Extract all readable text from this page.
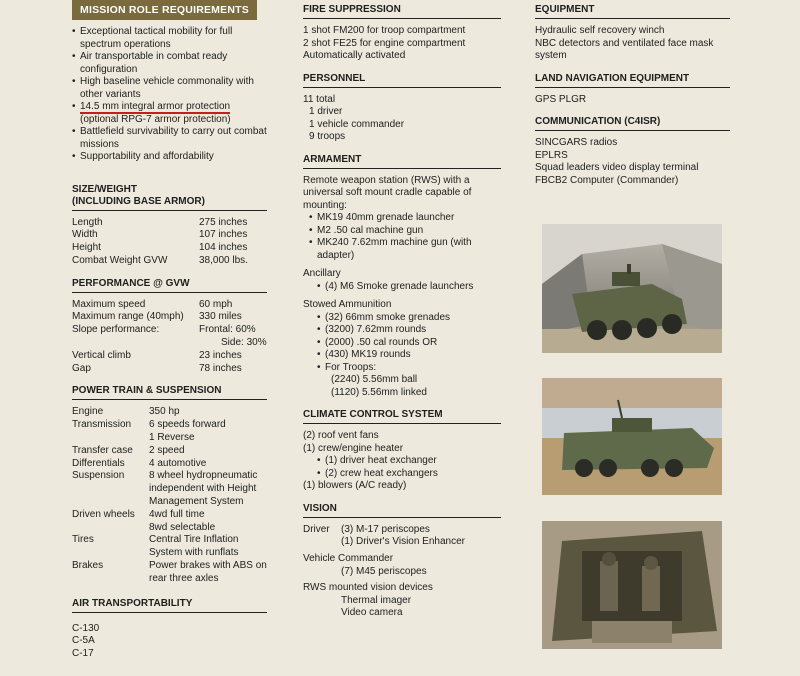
MISSION ROLE REQUIREMENTS
• Exceptional tactical mobility for full spectrum operations
• Air transportable in combat ready configuration
• High baseline vehicle commonality with other variants
• 14.5 mm integral armor protection (optional RPG-7 armor protection)
• Battlefield survivability to carry out combat missions
• Supportability and affordability
SIZE/WEIGHT
(INCLUDING BASE ARMOR)
Length	275 inches
Width	107 inches
Height	104 inches
Combat Weight GVW	38,000 lbs.
PERFORMANCE @ GVW
Maximum speed	60 mph
Maximum range (40mph)	330 miles
Slope performance:	Frontal: 60%
	Side: 30%
Vertical climb	23 inches
Gap	78 inches
POWER TRAIN & SUSPENSION
Engine	350 hp
Transmission	6 speeds forward
	1 Reverse
Transfer case	2 speed
Differentials	4 automotive
Suspension	8 wheel hydropneumatic independent with Height Management System
Driven wheels	4wd full time
	8wd selectable
Tires	Central Tire Inflation System with runflats
Brakes	Power brakes with ABS on rear three axles
AIR TRANSPORTABILITY

C-130

C-5A

C-17

FIRE SUPPRESSION

1 shot FM200 for troop compartment

2 shot FE25 for engine compartment

Automatically activated

PERSONNEL

11 total

1 driver

1 vehicle commander

9 troops

ARMAMENT

Remote weapon station (RWS) with a universal soft mount cradle capable of mounting:

• MK19 40mm grenade launcher
• M2 .50 cal machine gun
• MK240 7.62mm machine gun (with adapter)

Ancillary

• (4) M6 Smoke grenade launchers

Stowed Ammunition

• (32) 66mm smoke grenades
• (3200) 7.62mm rounds
• (2000) .50 cal rounds OR
• (430) MK19 rounds
• For Troops:

(2240) 5.56mm ball

(1120) 5.56mm linked

CLIMATE CONTROL SYSTEM

(2) roof vent fans

(1) crew/engine heater

• (1) driver heat exchanger
• (2) crew heat exchangers

(1) blowers (A/C ready)

VISION
Driver	(3) M-17 periscopes
	(1) Driver's Vision Enhancer

Vehicle Commander

(7) M45 periscopes

RWS mounted vision devices

Thermal imager

Video camera

EQUIPMENT

Hydraulic self recovery winch

NBC detectors and ventilated face mask system

LAND NAVIGATION EQUIPMENT

GPS PLGR

COMMUNICATION (C4ISR)

SINCGARS radios

EPLRS

Squad leaders video display terminal

FBCB2 Computer (Commander)
